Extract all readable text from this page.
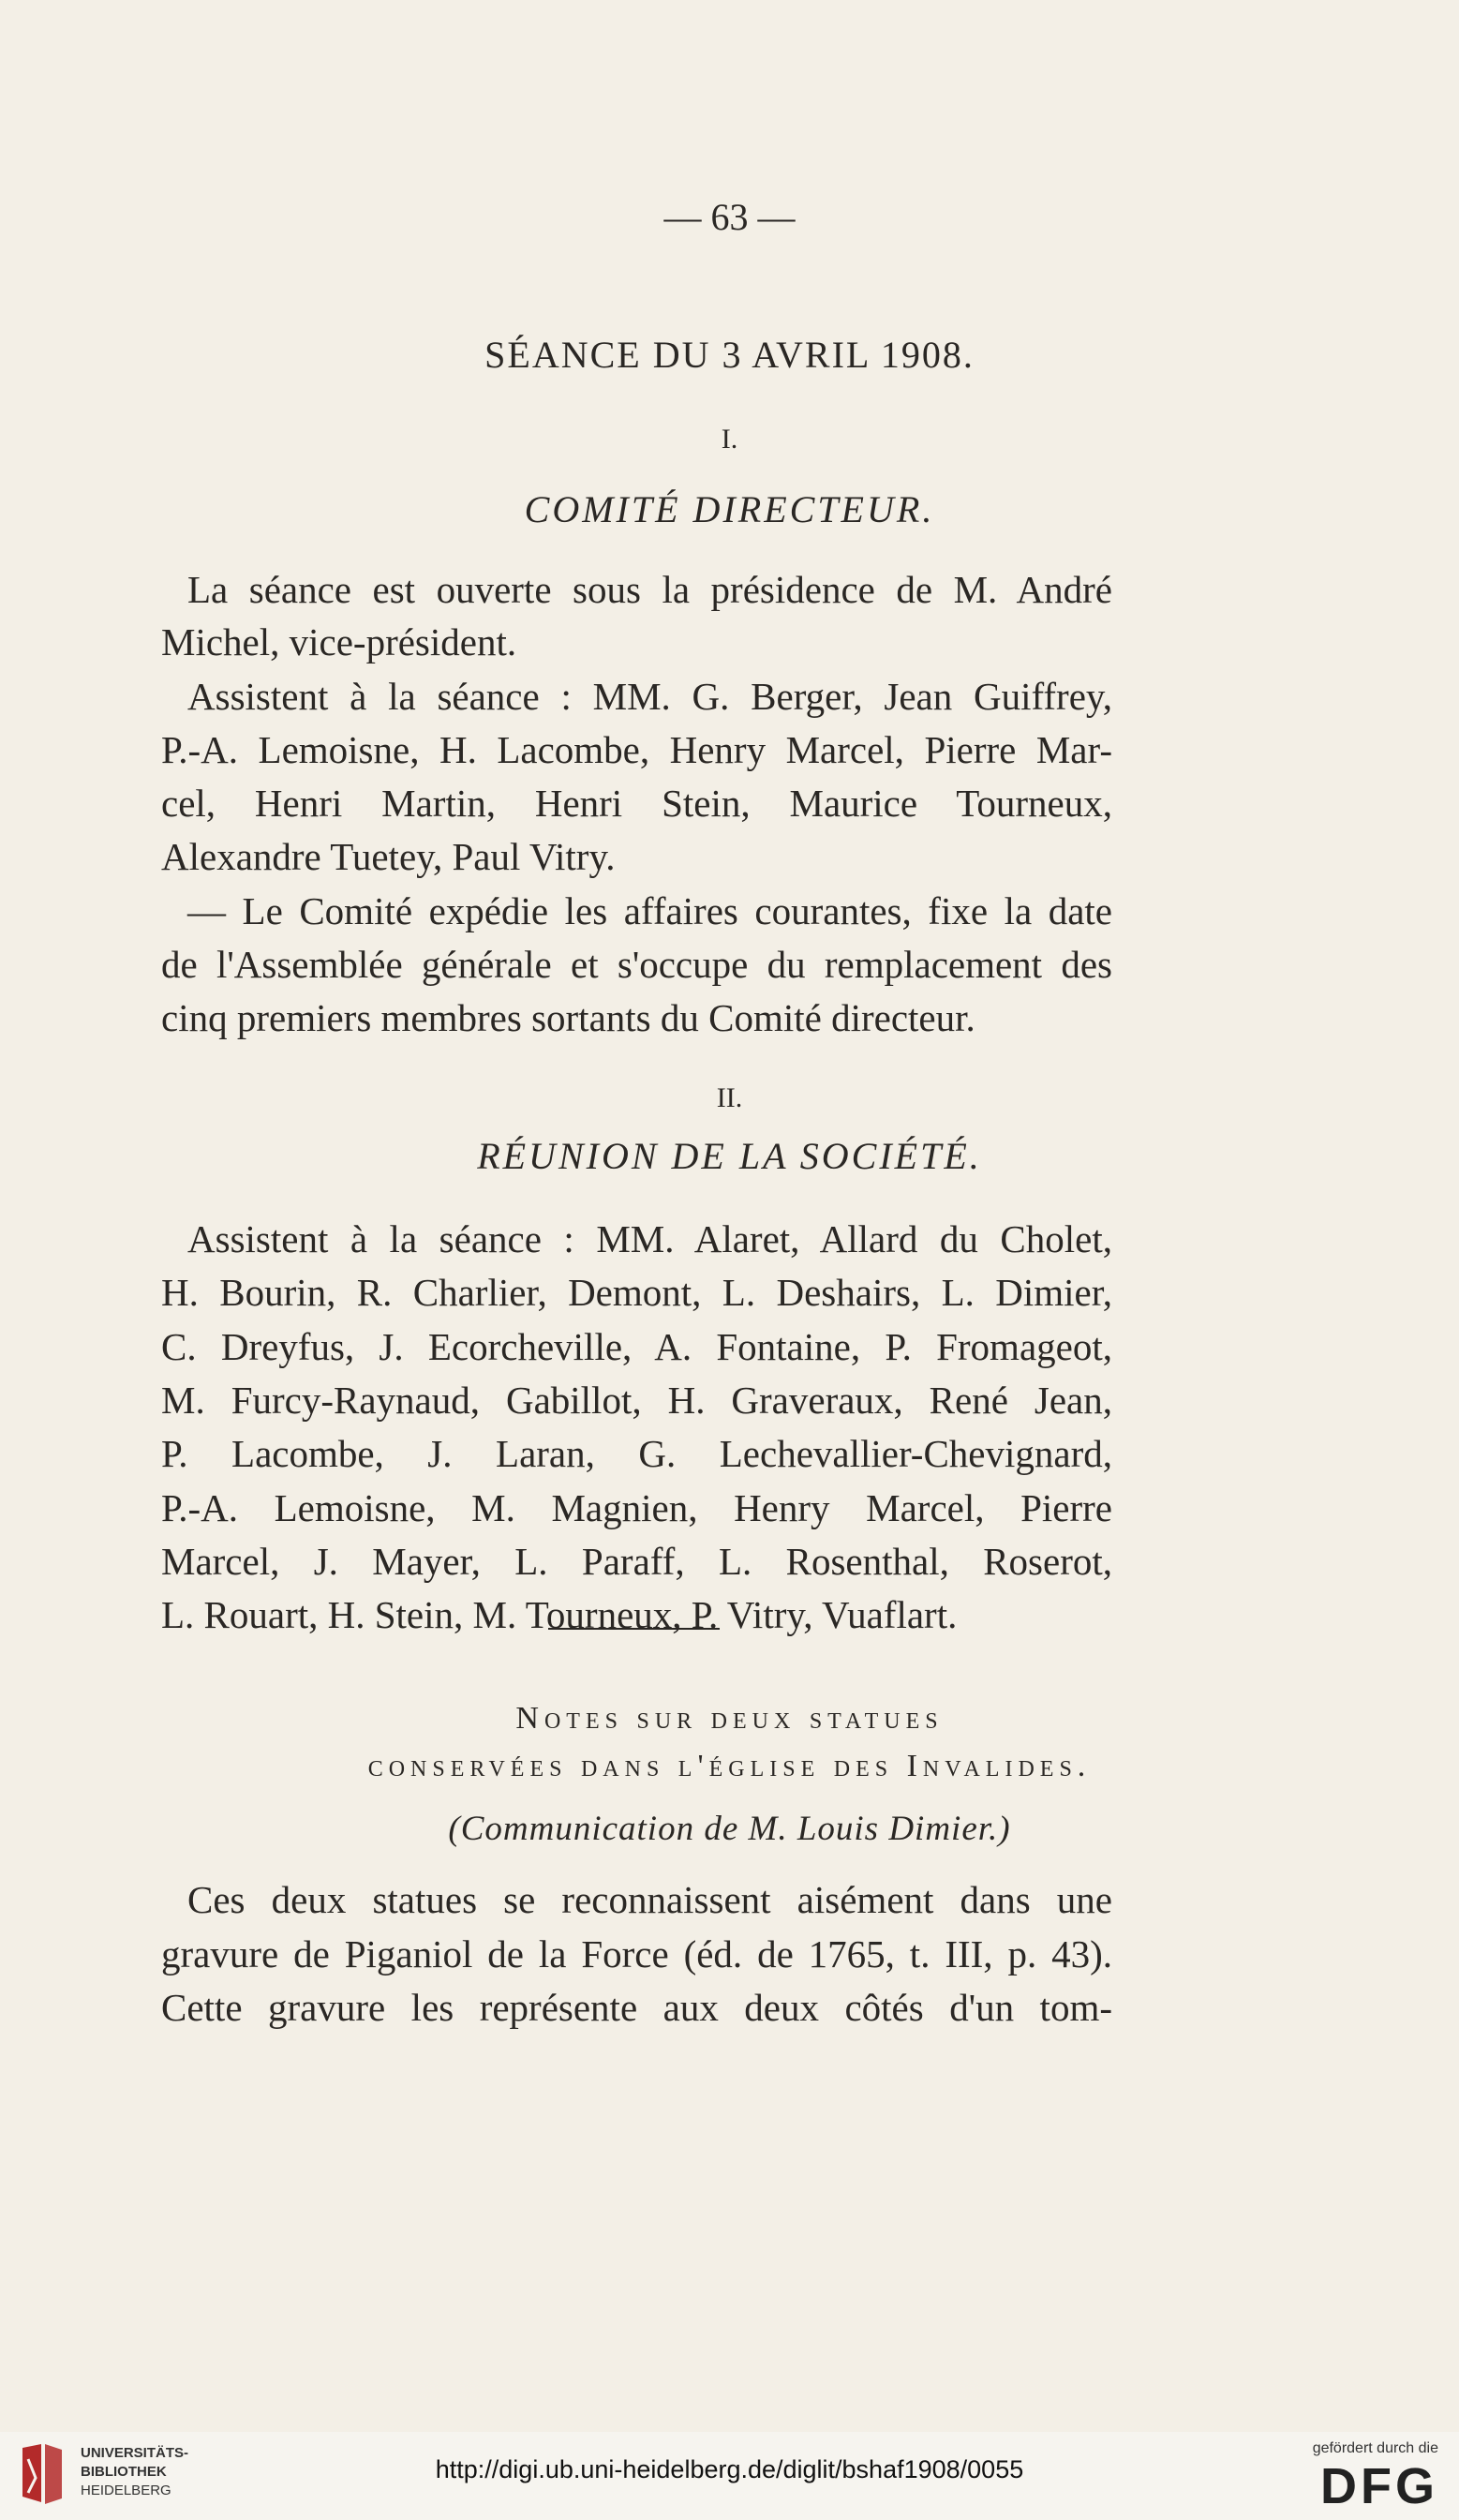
— 63 —
SÉANCE DU 3 AVRIL 1908.
I.
COMITÉ DIRECTEUR.
La séance est ouverte sous la présidence de M. André
Michel, vice-président.
Assistent à la séance : MM. G. Berger, Jean Guiffrey,
P.-A. Lemoisne, H. Lacombe, Henry Marcel, Pierre Mar-
cel, Henri Martin, Henri Stein, Maurice Tourneux,
Alexandre Tuetey, Paul Vitry.
— Le Comité expédie les affaires courantes, fixe la date
de l'Assemblée générale et s'occupe du remplacement des
cinq premiers membres sortants du Comité directeur.
II.
RÉUNION DE LA SOCIÉTÉ.
Assistent à la séance : MM. Alaret, Allard du Cholet,
H. Bourin, R. Charlier, Demont, L. Deshairs, L. Dimier,
C. Dreyfus, J. Ecorcheville, A. Fontaine, P. Fromageot,
M. Furcy-Raynaud, Gabillot, H. Graveraux, René Jean,
P. Lacombe, J. Laran, G. Lechevallier-Chevignard,
P.-A. Lemoisne, M. Magnien, Henry Marcel, Pierre
Marcel, J. Mayer, L. Paraff, L. Rosenthal, Roserot,
L. Rouart, H. Stein, M. Tourneux, P. Vitry, Vuaflart.
Notes sur deux statues
conservées dans l'église des Invalides.
(Communication de M. Louis Dimier.)
Ces deux statues se reconnaissent aisément dans une
gravure de Piganiol de la Force (éd. de 1765, t. III, p. 43).
Cette gravure les représente aux deux côtés d'un tom-
UNIVERSITÄTS-
BIBLIOTHEK
HEIDELBERG
http://digi.ub.uni-heidelberg.de/diglit/bshaf1908/0055
gefördert durch die
DFG
